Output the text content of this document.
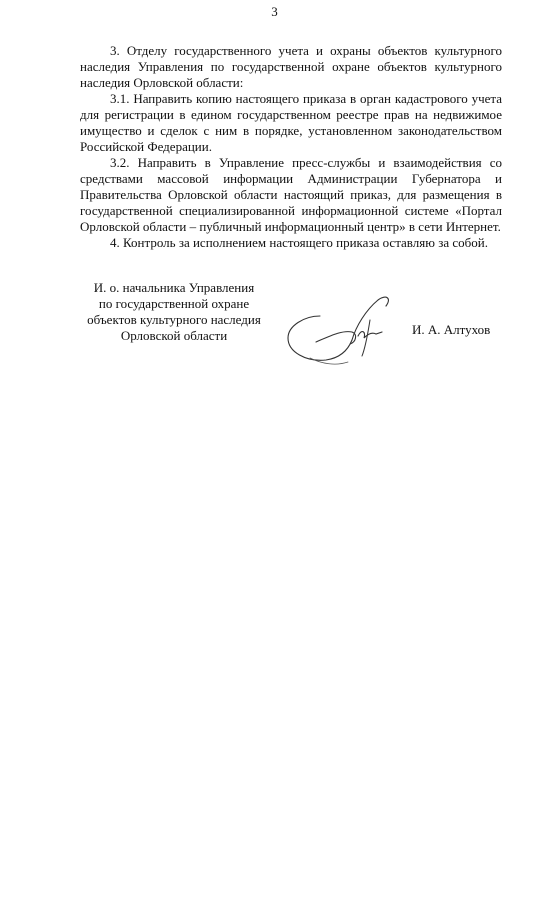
3

3. Отделу государственного учета и охраны объектов культурного наследия Управления по государственной охране объектов культурного наследия Орловской области:

3.1. Направить копию настоящего приказа в орган кадастрового учета для регистрации в едином государственном реестре прав на недвижимое имущество и сделок с ним в порядке, установленном законодательством Российской Федерации.

3.2. Направить в Управление пресс-службы и взаимодействия со средствами массовой информации Администрации Губернатора и Правительства Орловской области настоящий приказ, для размещения в государственной специализированной информационной системе «Портал Орловской области – публичный информационный центр» в сети Интернет.

4. Контроль за исполнением настоящего приказа оставляю за собой.

И. о. начальника Управления
по государственной охране
объектов культурного наследия
Орловской области	И. А. Алтухов
